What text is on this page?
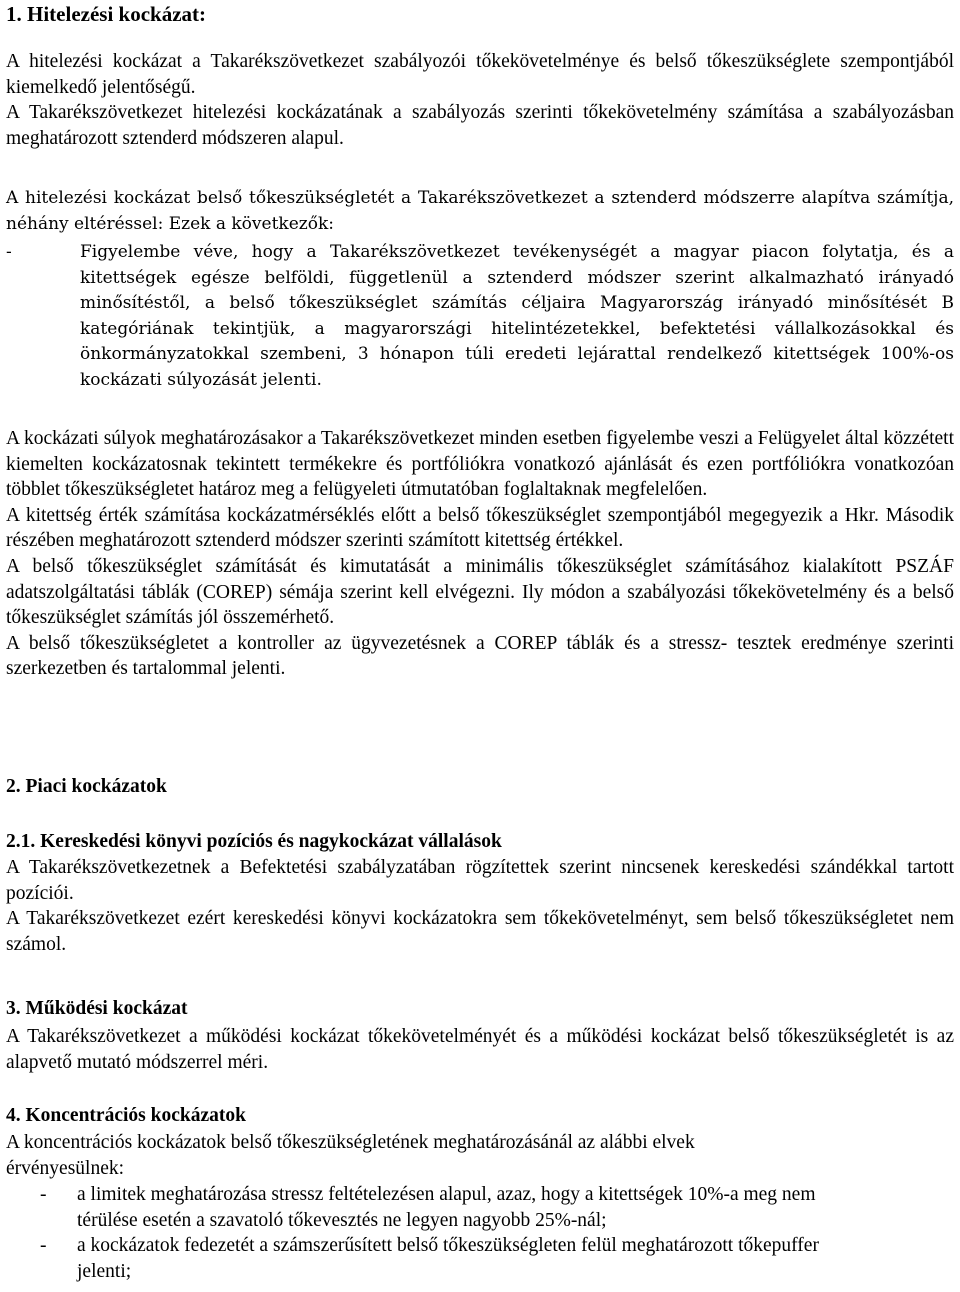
1. Hitelezési kockázat:

A hitelezési kockázat a Takarékszövetkezet szabályozói tőkekövetelménye és belső tőkeszükséglete szempontjából kiemelkedő jelentőségű.

A Takarékszövetkezet hitelezési kockázatának a szabályozás szerinti tőkekövetelmény számítása a szabályozásban meghatározott sztenderd módszeren alapul.

A hitelezési kockázat belső tőkeszükségletét a Takarékszövetkezet a sztenderd módszerre alapítva számítja, néhány eltéréssel: Ezek a következők:

-	Figyelembe véve, hogy a Takarékszövetkezet tevékenységét a magyar piacon folytatja, és a kitettségek egésze belföldi, függetlenül a sztenderd módszer szerint alkalmazható irányadó minősítéstől, a belső tőkeszükséglet számítás céljaira Magyarország irányadó minősítését B kategóriának tekintjük, a magyarországi hitelintézetekkel, befektetési vállalkozásokkal és önkormányzatokkal szembeni, 3 hónapon túli eredeti lejárattal rendelkező kitettségek 100%-os kockázati súlyozását jelenti.

A kockázati súlyok meghatározásakor a Takarékszövetkezet minden esetben figyelembe veszi a Felügyelet által közzétett kiemelten kockázatosnak tekintett termékekre és portfóliókra vonatkozó ajánlását és ezen portfóliókra vonatkozóan többlet tőkeszükségletet határoz meg a felügyeleti útmutatóban foglaltaknak megfelelően.

A kitettség érték számítása kockázatmérséklés előtt a belső tőkeszükséglet szempontjából megegyezik a Hkr. Második részében meghatározott sztenderd módszer szerinti számított kitettség értékkel.

A belső tőkeszükséglet számítását és kimutatását a minimális tőkeszükséglet számításához kialakított PSZÁF adatszolgáltatási táblák (COREP) sémája szerint kell elvégezni. Ily módon a szabályozási tőkekövetelmény és a belső tőkeszükséglet számítás jól összemérhető.

A belső tőkeszükségletet a kontroller az ügyvezetésnek a COREP táblák és a stressz- tesztek eredménye szerinti szerkezetben és tartalommal jelenti.

2. Piaci kockázatok
2.1. Kereskedési könyvi pozíciós és nagykockázat vállalások

A Takarékszövetkezetnek a Befektetési szabályzatában rögzítettek szerint nincsenek kereskedési szándékkal tartott pozíciói.

A Takarékszövetkezet ezért kereskedési könyvi kockázatokra sem tőkekövetelményt, sem belső tőkeszükségletet nem számol.

3. Működési kockázat

A Takarékszövetkezet a működési kockázat tőkekövetelményét és a működési kockázat belső tőkeszükségletét is az alapvető mutató módszerrel méri.

4. Koncentrációs kockázatok

A koncentrációs kockázatok belső tőkeszükségletének meghatározásánál az alábbi elvek érvényesülnek:

- a limitek meghatározása stressz feltételezésen alapul, azaz, hogy a kitettségek 10%-a meg nem térülése esetén a szavatoló tőkevesztés ne legyen nagyobb 25%-nál;
- a kockázatok fedezetét a számszerűsített belső tőkeszükségleten felül meghatározott tőkepuffer jelenti;
